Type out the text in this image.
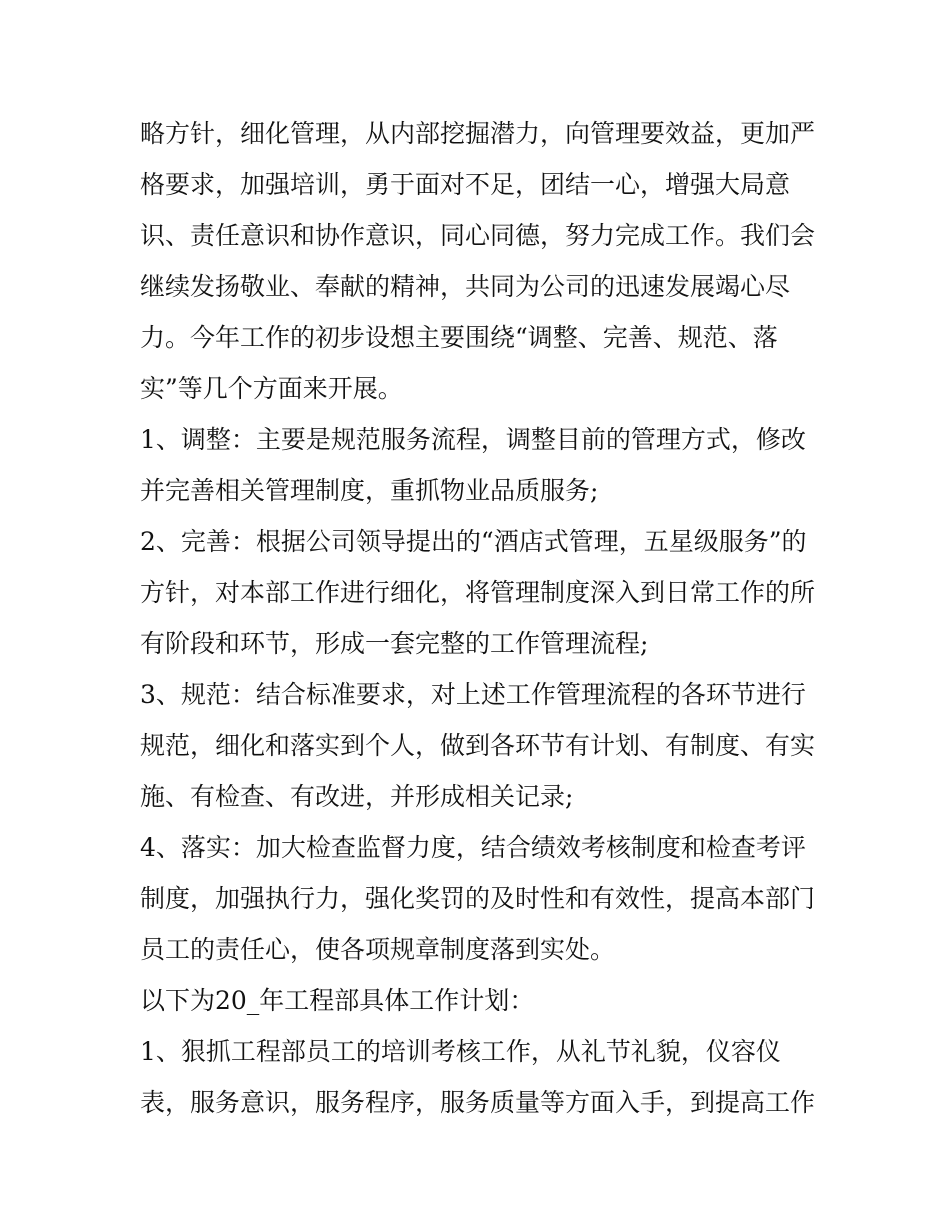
略方针，细化管理，从内部挖掘潜力，向管理要效益，更加严
格要求，加强培训，勇于面对不足，团结一心，增强大局意
识、责任意识和协作意识，同心同德，努力完成工作。我们会
继续发扬敬业、奉献的精神，共同为公司的迅速发展竭心尽
力。今年工作的初步设想主要围绕“调整、完善、规范、落
实”等几个方面来开展。
1、调整：主要是规范服务流程，调整目前的管理方式，修改
并完善相关管理制度，重抓物业品质服务;
2、完善：根据公司领导提出的“酒店式管理，五星级服务”的
方针，对本部工作进行细化，将管理制度深入到日常工作的所
有阶段和环节，形成一套完整的工作管理流程;
3、规范：结合标准要求，对上述工作管理流程的各环节进行
规范，细化和落实到个人，做到各环节有计划、有制度、有实
施、有检查、有改进，并形成相关记录;
4、落实：加大检查监督力度，结合绩效考核制度和检查考评
制度，加强执行力，强化奖罚的及时性和有效性，提高本部门
员工的责任心，使各项规章制度落到实处。
以下为20_年工程部具体工作计划：
1、狠抓工程部员工的培训考核工作，从礼节礼貌，仪容仪
表，服务意识，服务程序，服务质量等方面入手，到提高工作
